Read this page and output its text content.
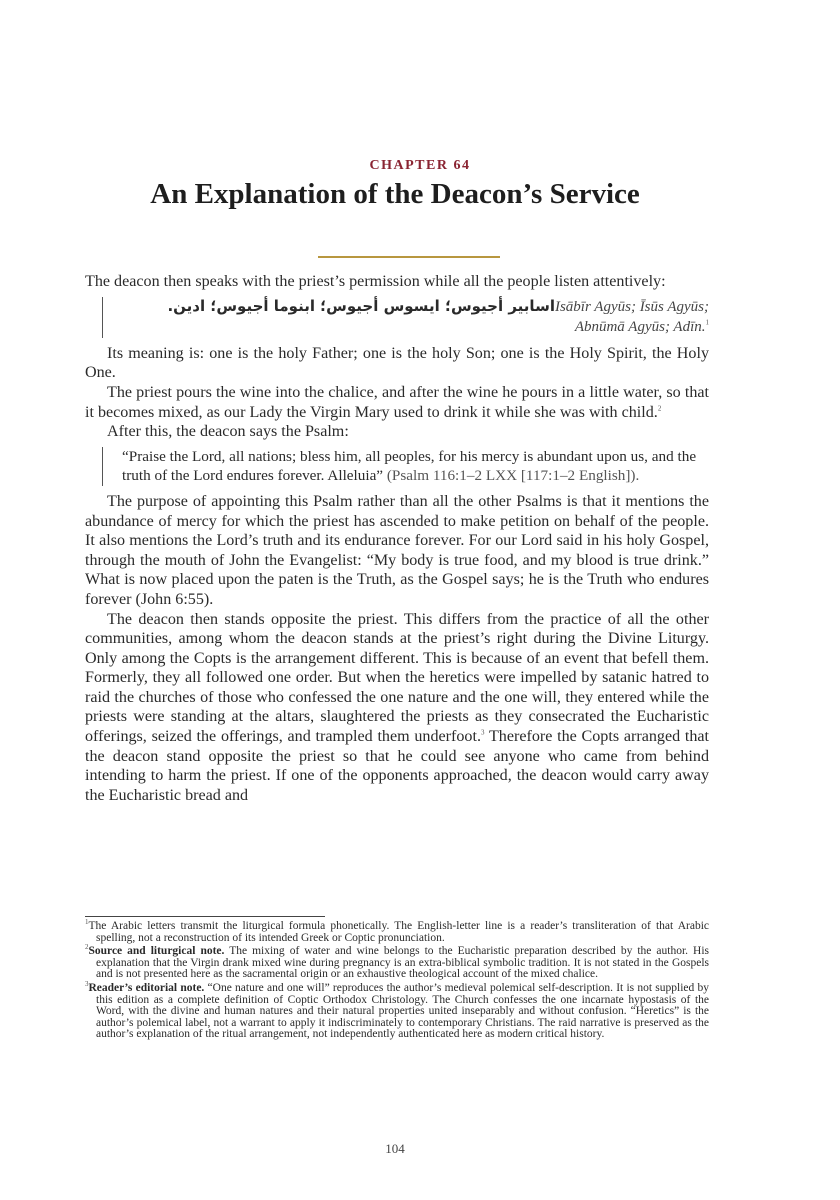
CHAPTER 64
An Explanation of the Deacon’s Service

The deacon then speaks with the priest’s permission while all the people listen attentively:

اسابير أجيوس؛ ايسوس أجيوس؛ ابنوما أجيوس؛ ادين.Isābīr Agyūs; Īsūs Agyūs; Abnūmā Agyūs; Adīn.$^1$

Its meaning is: one is the holy Father; one is the holy Son; one is the Holy Spirit, the Holy One.

The priest pours the wine into the chalice, and after the wine he pours in a little water, so that it becomes mixed, as our Lady the Virgin Mary used to drink it while she was with child.$^2$

After this, the deacon says the Psalm:

“Praise the Lord, all nations; bless him, all peoples, for his mercy is abundant upon us, and the truth of the Lord endures forever. Alleluia” (Psalm 116:1–2 LXX [117:1–2 English]).

The purpose of appointing this Psalm rather than all the other Psalms is that it mentions the abundance of mercy for which the priest has ascended to make petition on behalf of the people. It also mentions the Lord’s truth and its endurance forever. For our Lord said in his holy Gospel, through the mouth of John the Evangelist: “My body is true food, and my blood is true drink.” What is now placed upon the paten is the Truth, as the Gospel says; he is the Truth who endures forever (John 6:55).

The deacon then stands opposite the priest. This differs from the practice of all the other communities, among whom the deacon stands at the priest’s right during the Divine Liturgy. Only among the Copts is the arrangement different. This is because of an event that befell them. Formerly, they all followed one order. But when the heretics were impelled by satanic hatred to raid the churches of those who confessed the one nature and the one will, they entered while the priests were standing at the altars, slaughtered the priests as they consecrated the Eucharistic offerings, seized the offerings, and trampled them underfoot.$^3$ Therefore the Copts arranged that the deacon stand opposite the priest so that he could see anyone who came from behind intending to harm the priest. If one of the opponents approached, the deacon would carry away the Eucharistic bread and

$^1$The Arabic letters transmit the liturgical formula phonetically. The English-letter line is a reader’s transliteration of that Arabic spelling, not a reconstruction of its intended Greek or Coptic pronunciation.

$^2$Source and liturgical note. The mixing of water and wine belongs to the Eucharistic preparation described by the author. His explanation that the Virgin drank mixed wine during pregnancy is an extra-biblical symbolic tradition. It is not stated in the Gospels and is not presented here as the sacramental origin or an exhaustive theological account of the mixed chalice.

$^3$Reader’s editorial note. “One nature and one will” reproduces the author’s medieval polemical self-description. It is not supplied by this edition as a complete definition of Coptic Orthodox Christology. The Church confesses the one incarnate hypostasis of the Word, with the divine and human natures and their natural properties united inseparably and without confusion. “Heretics” is the author’s polemical label, not a warrant to apply it indiscriminately to contemporary Christians. The raid narrative is preserved as the author’s explanation of the ritual arrangement, not independently authenticated here as modern critical history.

104
